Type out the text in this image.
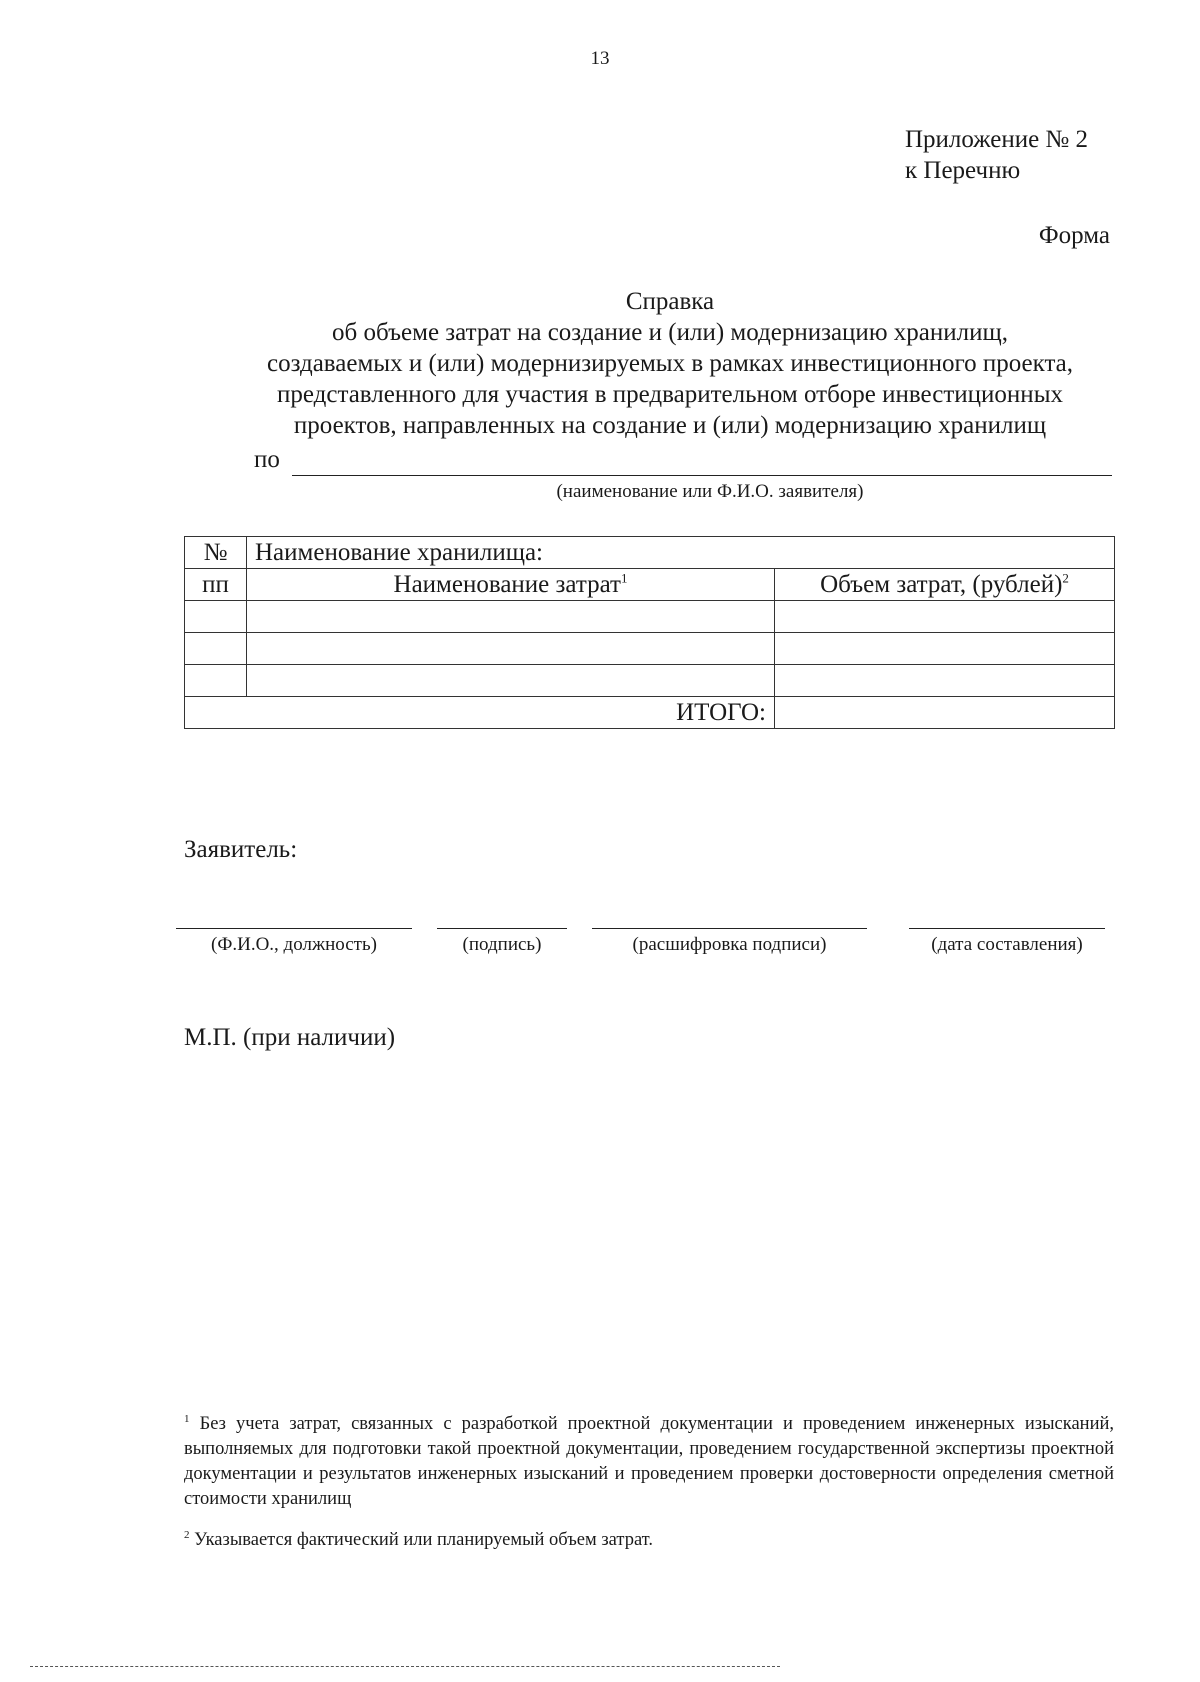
13
Приложение № 2
к Перечню
Форма
Справка
об объеме затрат на создание и (или) модернизацию хранилищ,
создаваемых и (или) модернизируемых в рамках инвестиционного проекта,
представленного для участия в предварительном отборе инвестиционных
проектов, направленных на создание и (или) модернизацию хранилищ
по
(наименование или Ф.И.О. заявителя)
№	Наименование хранилища:	
пп	Наименование затрат$^1$	Объем затрат, (рублей)$^2$

ИТОГО:		
Заявитель:
(Ф.И.О., должность)	(подпись)	(расшифровка подписи)	(дата составления)
М.П. (при наличии)
$^1$ Без учета затрат, связанных с разработкой проектной документации и проведением инженерных изысканий, выполняемых для подготовки такой проектной документации, проведением государственной экспертизы проектной документации и результатов инженерных изысканий и проведением проверки достоверности определения сметной стоимости хранилищ
$^2$ Указывается фактический или планируемый объем затрат.
